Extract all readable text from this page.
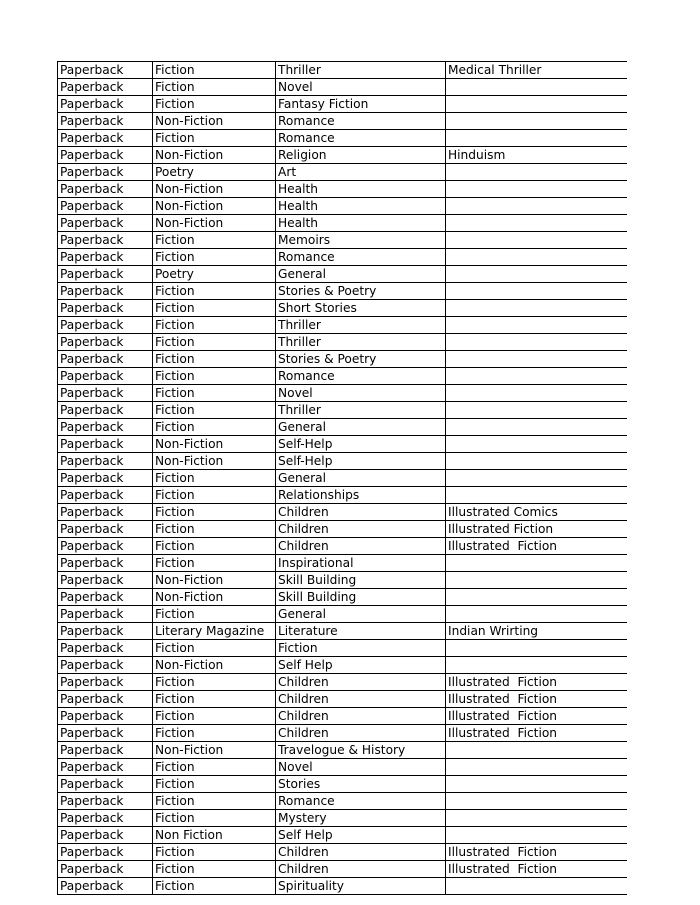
Paperback	Fiction	Thriller	Medical Thriller
Paperback	Fiction	Novel	
Paperback	Fiction	Fantasy Fiction	
Paperback	Non-Fiction	Romance	
Paperback	Fiction	Romance	
Paperback	Non-Fiction	Religion	Hinduism
Paperback	Poetry	Art	
Paperback	Non-Fiction	Health	
Paperback	Non-Fiction	Health	
Paperback	Non-Fiction	Health	
Paperback	Fiction	Memoirs	
Paperback	Fiction	Romance	
Paperback	Poetry	General	
Paperback	Fiction	Stories & Poetry	
Paperback	Fiction	Short Stories	
Paperback	Fiction	Thriller	
Paperback	Fiction	Thriller	
Paperback	Fiction	Stories & Poetry	
Paperback	Fiction	Romance	
Paperback	Fiction	Novel	
Paperback	Fiction	Thriller	
Paperback	Fiction	General	
Paperback	Non-Fiction	Self-Help	
Paperback	Non-Fiction	Self-Help	
Paperback	Fiction	General	
Paperback	Fiction	Relationships	
Paperback	Fiction	Children	Illustrated Comics
Paperback	Fiction	Children	Illustrated Fiction
Paperback	Fiction	Children	Illustrated  Fiction
Paperback	Fiction	Inspirational	
Paperback	Non-Fiction	Skill Building	
Paperback	Non-Fiction	Skill Building	
Paperback	Fiction	General	
Paperback	Literary Magazine	Literature	Indian Wrirting
Paperback	Fiction	Fiction	
Paperback	Non-Fiction	Self Help	
Paperback	Fiction	Children	Illustrated  Fiction
Paperback	Fiction	Children	Illustrated  Fiction
Paperback	Fiction	Children	Illustrated  Fiction
Paperback	Fiction	Children	Illustrated  Fiction
Paperback	Non-Fiction	Travelogue & History	
Paperback	Fiction	Novel	
Paperback	Fiction	Stories	
Paperback	Fiction	Romance	
Paperback	Fiction	Mystery	
Paperback	Non Fiction	Self Help	
Paperback	Fiction	Children	Illustrated  Fiction
Paperback	Fiction	Children	Illustrated  Fiction
Paperback	Fiction	Spirituality	
